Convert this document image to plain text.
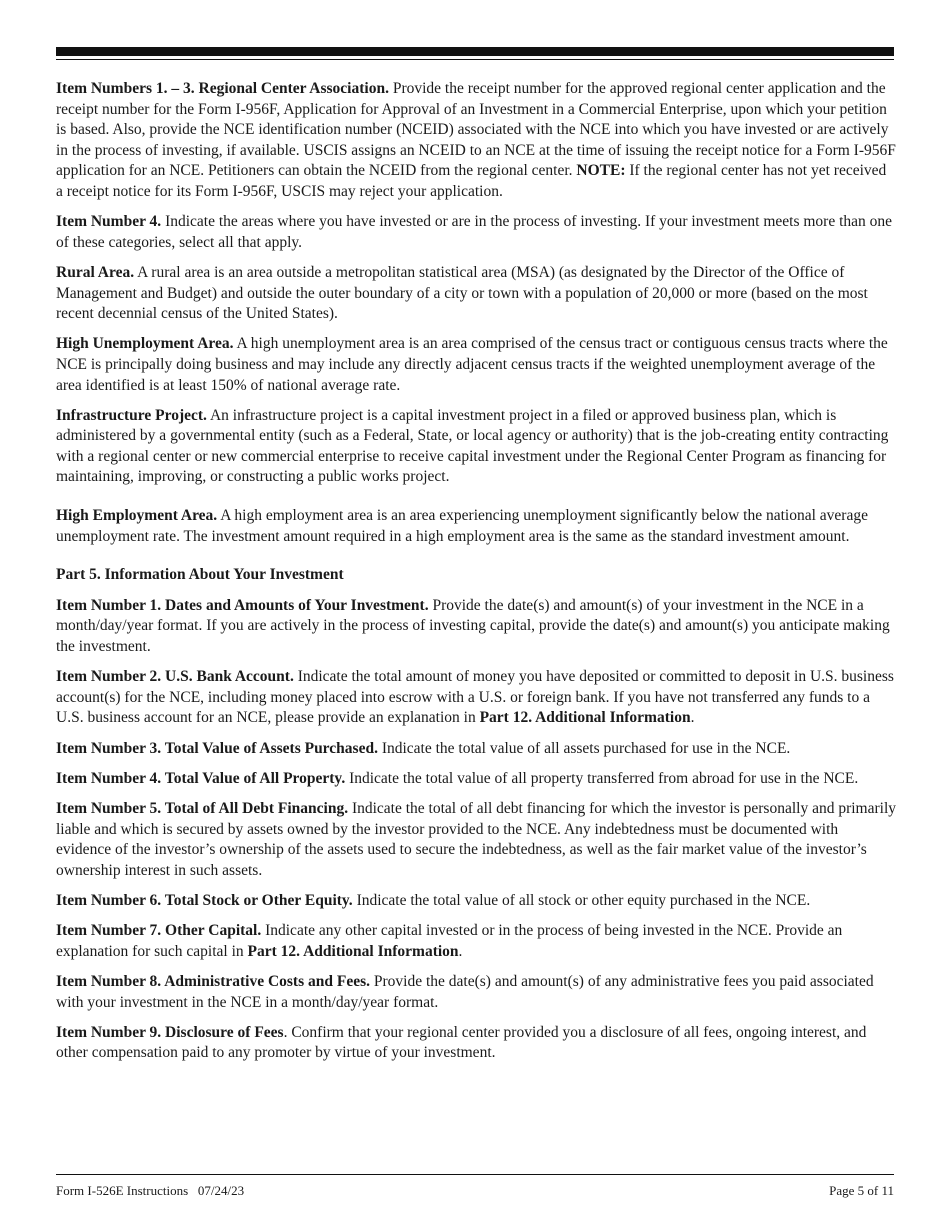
Item Numbers 1. – 3. Regional Center Association. Provide the receipt number for the approved regional center application and the receipt number for the Form I-956F, Application for Approval of an Investment in a Commercial Enterprise, upon which your petition is based. Also, provide the NCE identification number (NCEID) associated with the NCE into which you have invested or are actively in the process of investing, if available. USCIS assigns an NCEID to an NCE at the time of issuing the receipt notice for a Form I-956F application for an NCE. Petitioners can obtain the NCEID from the regional center. NOTE: If the regional center has not yet received a receipt notice for its Form I-956F, USCIS may reject your application.

Item Number 4. Indicate the areas where you have invested or are in the process of investing. If your investment meets more than one of these categories, select all that apply.

Rural Area. A rural area is an area outside a metropolitan statistical area (MSA) (as designated by the Director of the Office of Management and Budget) and outside the outer boundary of a city or town with a population of 20,000 or more (based on the most recent decennial census of the United States).

High Unemployment Area. A high unemployment area is an area comprised of the census tract or contiguous census tracts where the NCE is principally doing business and may include any directly adjacent census tracts if the weighted unemployment average of the area identified is at least 150% of national average rate.

Infrastructure Project. An infrastructure project is a capital investment project in a filed or approved business plan, which is administered by a governmental entity (such as a Federal, State, or local agency or authority) that is the job-creating entity contracting with a regional center or new commercial enterprise to receive capital investment under the Regional Center Program as financing for maintaining, improving, or constructing a public works project.

High Employment Area. A high employment area is an area experiencing unemployment significantly below the national average unemployment rate. The investment amount required in a high employment area is the same as the standard investment amount.

Part 5. Information About Your Investment

Item Number 1. Dates and Amounts of Your Investment. Provide the date(s) and amount(s) of your investment in the NCE in a month/day/year format. If you are actively in the process of investing capital, provide the date(s) and amount(s) you anticipate making the investment.

Item Number 2. U.S. Bank Account. Indicate the total amount of money you have deposited or committed to deposit in U.S. business account(s) for the NCE, including money placed into escrow with a U.S. or foreign bank. If you have not transferred any funds to a U.S. business account for an NCE, please provide an explanation in Part 12. Additional Information.

Item Number 3. Total Value of Assets Purchased. Indicate the total value of all assets purchased for use in the NCE.

Item Number 4. Total Value of All Property. Indicate the total value of all property transferred from abroad for use in the NCE.

Item Number 5. Total of All Debt Financing. Indicate the total of all debt financing for which the investor is personally and primarily liable and which is secured by assets owned by the investor provided to the NCE. Any indebtedness must be documented with evidence of the investor’s ownership of the assets used to secure the indebtedness, as well as the fair market value of the investor’s ownership interest in such assets.

Item Number 6. Total Stock or Other Equity. Indicate the total value of all stock or other equity purchased in the NCE.

Item Number 7. Other Capital. Indicate any other capital invested or in the process of being invested in the NCE. Provide an explanation for such capital in Part 12. Additional Information.

Item Number 8. Administrative Costs and Fees. Provide the date(s) and amount(s) of any administrative fees you paid associated with your investment in the NCE in a month/day/year format.

Item Number 9. Disclosure of Fees. Confirm that your regional center provided you a disclosure of all fees, ongoing interest, and other compensation paid to any promoter by virtue of your investment.

Form I-526E Instructions   07/24/23	Page 5 of 11
